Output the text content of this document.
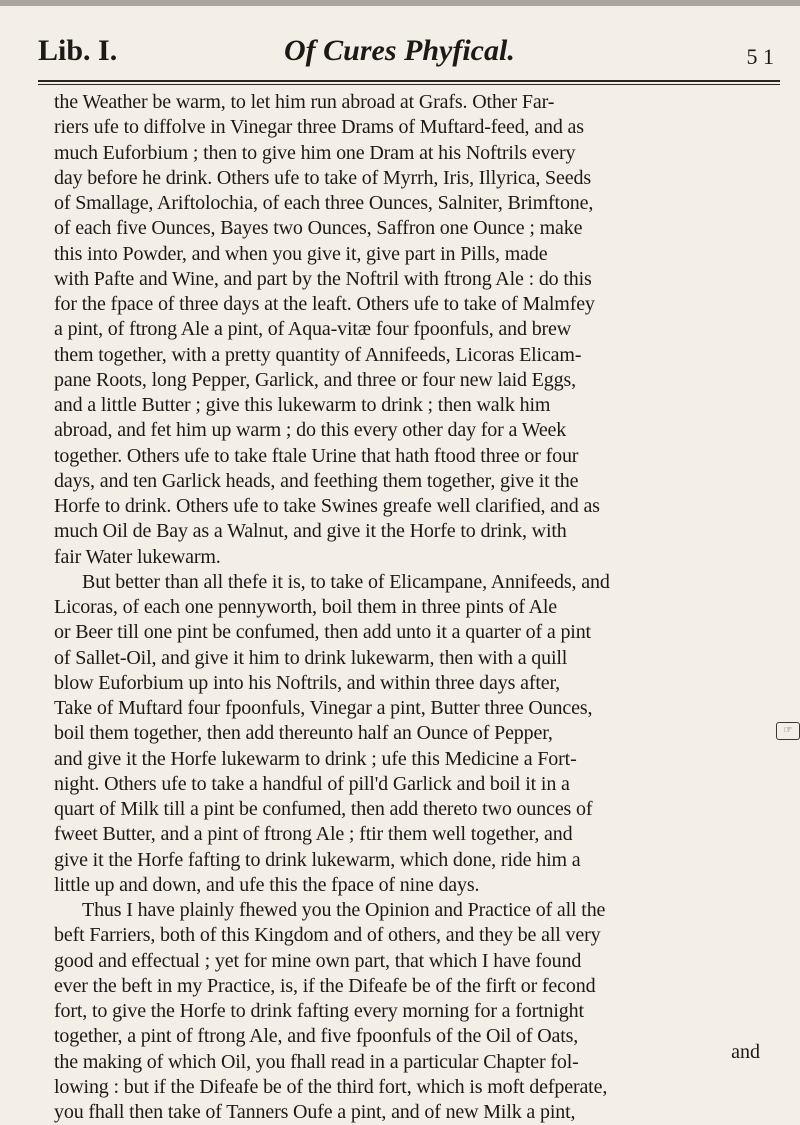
Lib. I.	Of Cures Phyfical.	5 1
the Weather be warm, to let him run abroad at Grafs. Other Far-
riers ufe to diffolve in Vinegar three Drams of Muftard-feed, and as
much Euforbium ; then to give him one Dram at his Noftrils every
day before he drink. Others ufe to take of Myrrh, Iris, Illyrica, Seeds
of Smallage, Ariftolochia, of each three Ounces, Salniter, Brimftone,
of each five Ounces, Bayes two Ounces, Saffron one Ounce ; make
this into Powder, and when you give it, give part in Pills, made
with Pafte and Wine, and part by the Noftril with ftrong Ale : do this
for the fpace of three days at the leaft. Others ufe to take of Malmfey
a pint, of ftrong Ale a pint, of Aqua-vitæ four fpoonfuls, and brew
them together, with a pretty quantity of Annifeeds, Licoras Elicam-
pane Roots, long Pepper, Garlick, and three or four new laid Eggs,
and a little Butter ; give this lukewarm to drink ; then walk him
abroad, and fet him up warm ; do this every other day for a Week
together. Others ufe to take ftale Urine that hath ftood three or four
days, and ten Garlick heads, and feething them together, give it the
Horfe to drink. Others ufe to take Swines greafe well clarified, and as
much Oil de Bay as a Walnut, and give it the Horfe to drink, with
fair Water lukewarm.
But better than all thefe it is, to take of Elicampane, Annifeeds, and
Licoras, of each one pennyworth, boil them in three pints of Ale
or Beer till one pint be confumed, then add unto it a quarter of a pint
of Sallet-Oil, and give it him to drink lukewarm, then with a quill
blow Euforbium up into his Noftrils, and within three days after,
Take of Muftard four fpoonfuls, Vinegar a pint, Butter three Ounces,
boil them together, then add thereunto half an Ounce of Pepper,
and give it the Horfe lukewarm to drink ; ufe this Medicine a Fort-
night. Others ufe to take a handful of pill'd Garlick and boil it in a
quart of Milk till a pint be confumed, then add thereto two ounces of
fweet Butter, and a pint of ftrong Ale ; ftir them well together, and
give it the Horfe fafting to drink lukewarm, which done, ride him a
little up and down, and ufe this the fpace of nine days.
Thus I have plainly fhewed you the Opinion and Practice of all the
beft Farriers, both of this Kingdom and of others, and they be all very
good and effectual ; yet for mine own part, that which I have found
ever the beft in my Practice, is, if the Difeafe be of the firft or fecond
fort, to give the Horfe to drink fafting every morning for a fortnight
together, a pint of ftrong Ale, and five fpoonfuls of the Oil of Oats,
the making of which Oil, you fhall read in a particular Chapter fol-
lowing : but if the Difeafe be of the third fort, which is moft defperate,
you fhall then take of Tanners Oufe a pint, and of new Milk a pint,
☞
and
